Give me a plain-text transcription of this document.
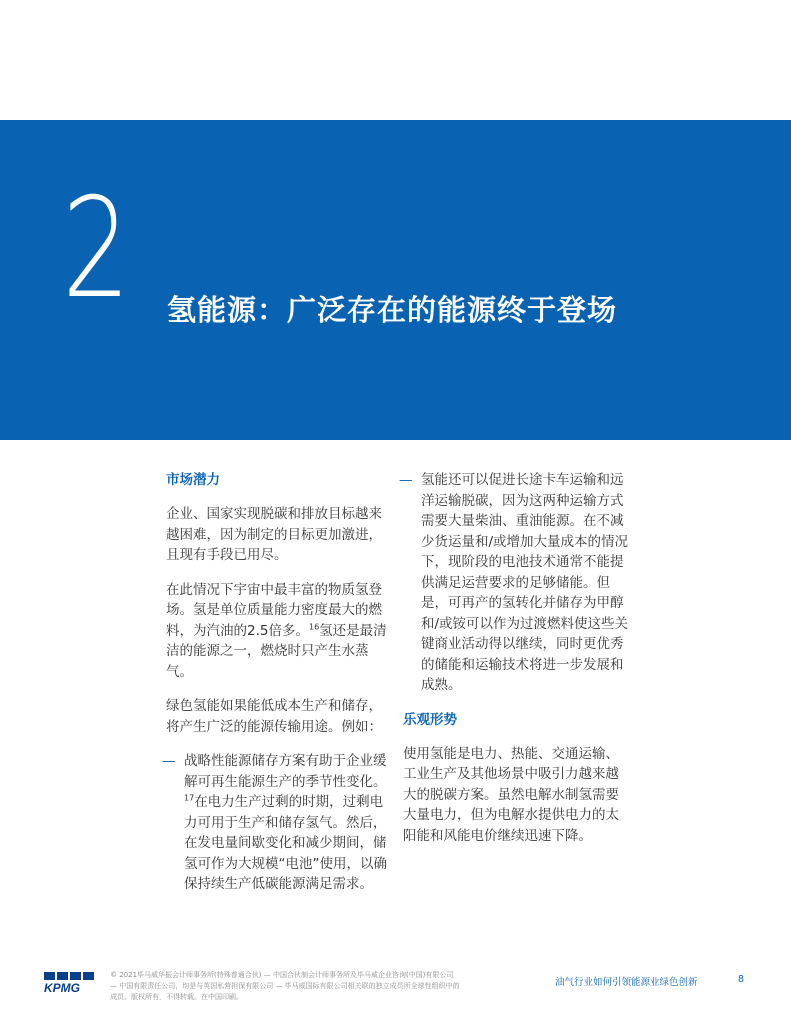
2 氢能源：广泛存在的能源终于登场
市场潜力

企业、国家实现脱碳和排放目标越来越困难，因为制定的目标更加激进，且现有手段已用尽。

在此情况下宇宙中最丰富的物质氢登场。氢是单位质量能力密度最大的燃料，为汽油的2.5倍多。$^{16}$氢还是最清洁的能源之一，燃烧时只产生水蒸气。

绿色氢能如果能低成本生产和储存，将产生广泛的能源传输用途。例如：

— 战略性能源储存方案有助于企业缓解可再生能源生产的季节性变化。$^{17}$在电力生产过剩的时期，过剩电力可用于生产和储存氢气。然后，在发电量间歇变化和减少期间，储氢可作为大规模“电池”使用，以确保持续生产低碳能源满足需求。
— 氢能还可以促进长途卡车运输和远洋运输脱碳，因为这两种运输方式需要大量柴油、重油能源。在不减少货运量和/或增加大量成本的情况下，现阶段的电池技术通常不能提供满足运营要求的足够储能。但是，可再产的氢转化并储存为甲醇和/或铵可以作为过渡燃料使这些关键商业活动得以继续，同时更优秀的储能和运输技术将进一步发展和成熟。
乐观形势

使用氢能是电力、热能、交通运输、工业生产及其他场景中吸引力越来越大的脱碳方案。虽然电解水制氢需要大量电力，但为电解水提供电力的太阳能和风能电价继续迅速下降。

KPMG
© 2021毕马威华振会计师事务所(特殊普通合伙) — 中国合伙制会计师事务所及毕马威企业咨询(中国)有限公司 — 中国有限责任公司，均是与英国私营担保有限公司 — 毕马威国际有限公司相关联的独立成员所全球性组织中的成员。版权所有，不得转载。在中国印刷。
油气行业如何引领能源业绿色创新	8
